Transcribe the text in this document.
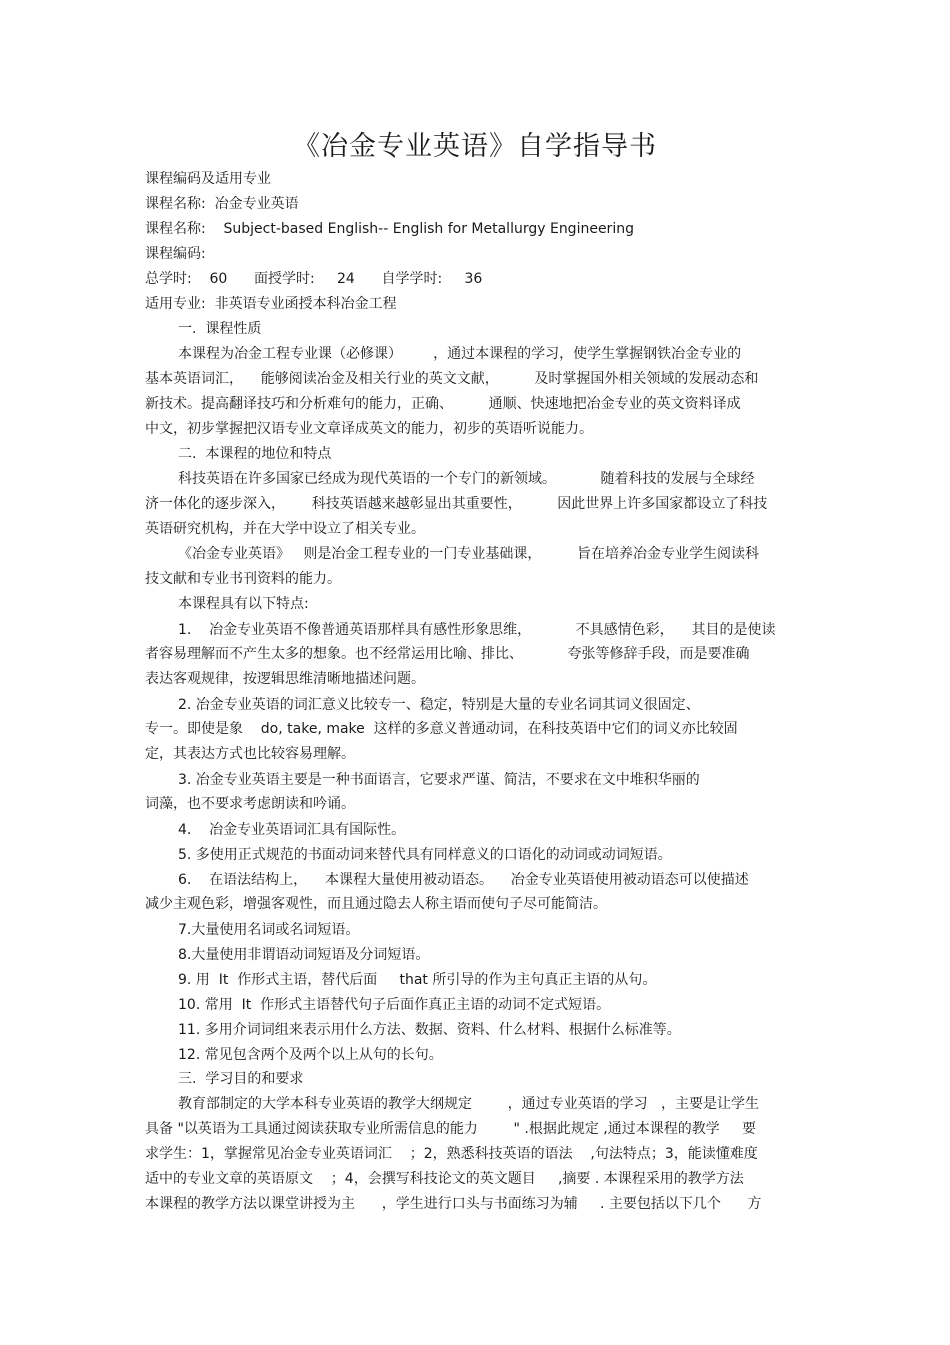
《冶金专业英语》自学指导书
课程编码及适用专业
课程名称:  冶金专业英语
课程名称:    Subject-based English-- English for Metallurgy Engineering
课程编码:
总学时:    60      面授学时:     24      自学学时:     36
适用专业:  非英语专业函授本科冶金工程
一.  课程性质
本课程为冶金工程专业课（必修课）       ，通过本课程的学习，使学生掌握钢铁冶金专业的
基本英语词汇，    能够阅读冶金及相关行业的英文文献，        及时掌握国外相关领域的发展动态和
新技术。提高翻译技巧和分析难句的能力，正确、        通顺、快速地把冶金专业的英文资料译成
中文，初步掌握把汉语专业文章译成英文的能力，初步的英语听说能力。
二.  本课程的地位和特点
科技英语在许多国家已经成为现代英语的一个专门的新领域。          随着科技的发展与全球经
济一体化的逐步深入，      科技英语越来越彰显出其重要性，        因此世界上许多国家都设立了科技
英语研究机构，并在大学中设立了相关专业。
《冶金专业英语》   则是冶金工程专业的一门专业基础课，        旨在培养冶金专业学生阅读科
技文献和专业书刊资料的能力。
本课程具有以下特点:
1.    冶金专业英语不像普通英语那样具有感性形象思维，          不具感情色彩，    其目的是使读
者容易理解而不产生太多的想象。也不经常运用比喻、排比、          夸张等修辞手段，而是要准确
表达客观规律，按逻辑思维清晰地描述问题。
2. 冶金专业英语的词汇意义比较专一、稳定，特别是大量的专业名词其词义很固定、
专一。即使是象    do, take, make  这样的多意义普通动词，在科技英语中它们的词义亦比较固
定，其表达方式也比较容易理解。
3. 冶金专业英语主要是一种书面语言，它要求严谨、简洁，不要求在文中堆积华丽的
词藻，也不要求考虑朗读和吟诵。
4.    冶金专业英语词汇具有国际性。
5. 多使用正式规范的书面动词来替代具有同样意义的口语化的动词或动词短语。
6.    在语法结构上，    本课程大量使用被动语态。    冶金专业英语使用被动语态可以使描述
减少主观色彩，增强客观性，而且通过隐去人称主语而使句子尽可能简洁。
7.大量使用名词或名词短语。
8.大量使用非谓语动词短语及分词短语。
9. 用  It  作形式主语，替代后面     that 所引导的作为主句真正主语的从句。
10. 常用  It  作形式主语替代句子后面作真正主语的动词不定式短语。
11. 多用介词词组来表示用什么方法、数据、资料、什么材料、根据什么标准等。
12. 常见包含两个及两个以上从句的长句。
三.  学习目的和要求
教育部制定的大学本科专业英语的教学大纲规定        ，通过专业英语的学习   ，主要是让学生
具备 "以英语为工具通过阅读获取专业所需信息的能力        " .根据此规定 ,通过本课程的教学     要
求学生：1，掌握常见冶金专业英语词汇    ；2，熟悉科技英语的语法    ,句法特点；3，能读懂难度
适中的专业文章的英语原文    ；4，会撰写科技论文的英文题目     ,摘要 . 本课程采用的教学方法
本课程的教学方法以课堂讲授为主      ，学生进行口头与书面练习为辅     . 主要包括以下几个      方
